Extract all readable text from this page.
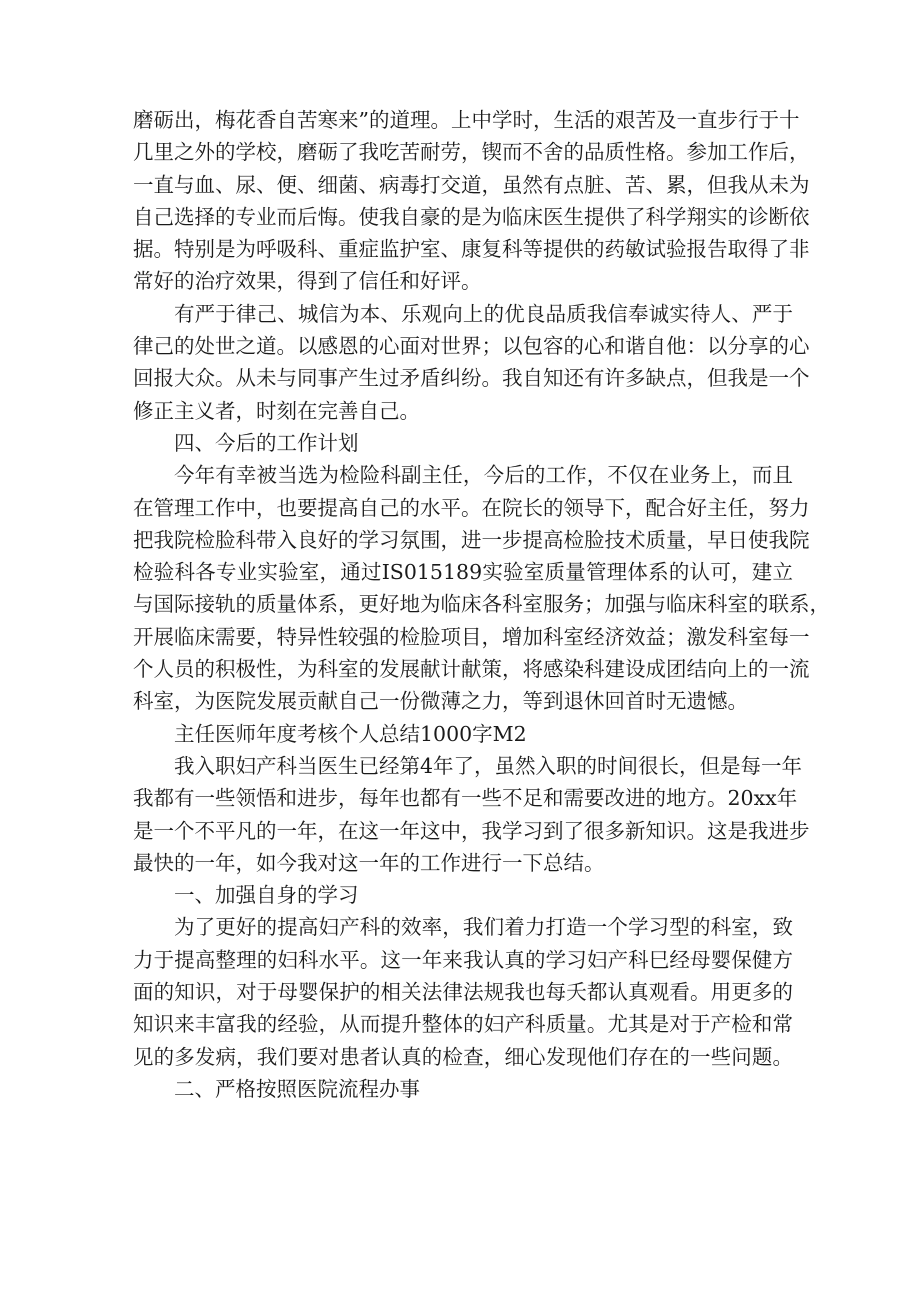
磨砺出，梅花香自苦寒来”的道理。上中学时，生活的艰苦及一直步行于十
几里之外的学校，磨砺了我吃苦耐劳，锲而不舍的品质性格。参加工作后，
一直与血、尿、便、细菌、病毒打交道，虽然有点脏、苦、累，但我从未为
自己选择的专业而后悔。使我自豪的是为临床医生提供了科学翔实的诊断依
据。特别是为呼吸科、重症监护室、康复科等提供的药敏试验报告取得了非
常好的治疗效果，得到了信任和好评。
有严于律己、城信为本、乐观向上的优良品质我信奉诚实待人、严于
律己的处世之道。以感恩的心面对世界；以包容的心和谐自他：以分享的心
回报大众。从未与同事产生过矛盾纠纷。我自知还有许多缺点，但我是一个
修正主义者，时刻在完善自己。
四、今后的工作计划
今年有幸被当选为检险科副主任，今后的工作，不仅在业务上，而且
在管理工作中，也要提高自己的水平。在院长的领导下，配合好主任，努力
把我院检脸科带入良好的学习氛围，进一步提高检脸技术质量，早日使我院
检验科各专业实验室，通过IS015189实验室质量管理体系的认可，建立
与国际接轨的质量体系，更好地为临床各科室服务；加强与临床科室的联系，
开展临床需要，特异性较强的检脸项目，增加科室经济效益；激发科室每一
个人员的积极性，为科室的发展献计献策，将感染科建设成团结向上的一流
科室，为医院发展贡献自己一份微薄之力，等到退休回首时无遗憾。
主任医师年度考核个人总结1000字M2
我入职妇产科当医生已经第4年了，虽然入职的时间很长，但是每一年
我都有一些领悟和进步，每年也都有一些不足和需要改进的地方。20xx年
是一个不平凡的一年，在这一年这中，我学习到了很多新知识。这是我进步
最快的一年，如今我对这一年的工作进行一下总结。
一、加强自身的学习
为了更好的提高妇产科的效率，我们着力打造一个学习型的科室，致
力于提高整理的妇科水平。这一年来我认真的学习妇产科巳经母婴保健方
面的知识，对于母婴保护的相关法律法规我也每夭都认真观看。用更多的
知识来丰富我的经验，从而提升整体的妇产科质量。尤其是对于产检和常
见的多发病，我们要对患者认真的检查，细心发现他们存在的一些问题。
二、严格按照医院流程办事
